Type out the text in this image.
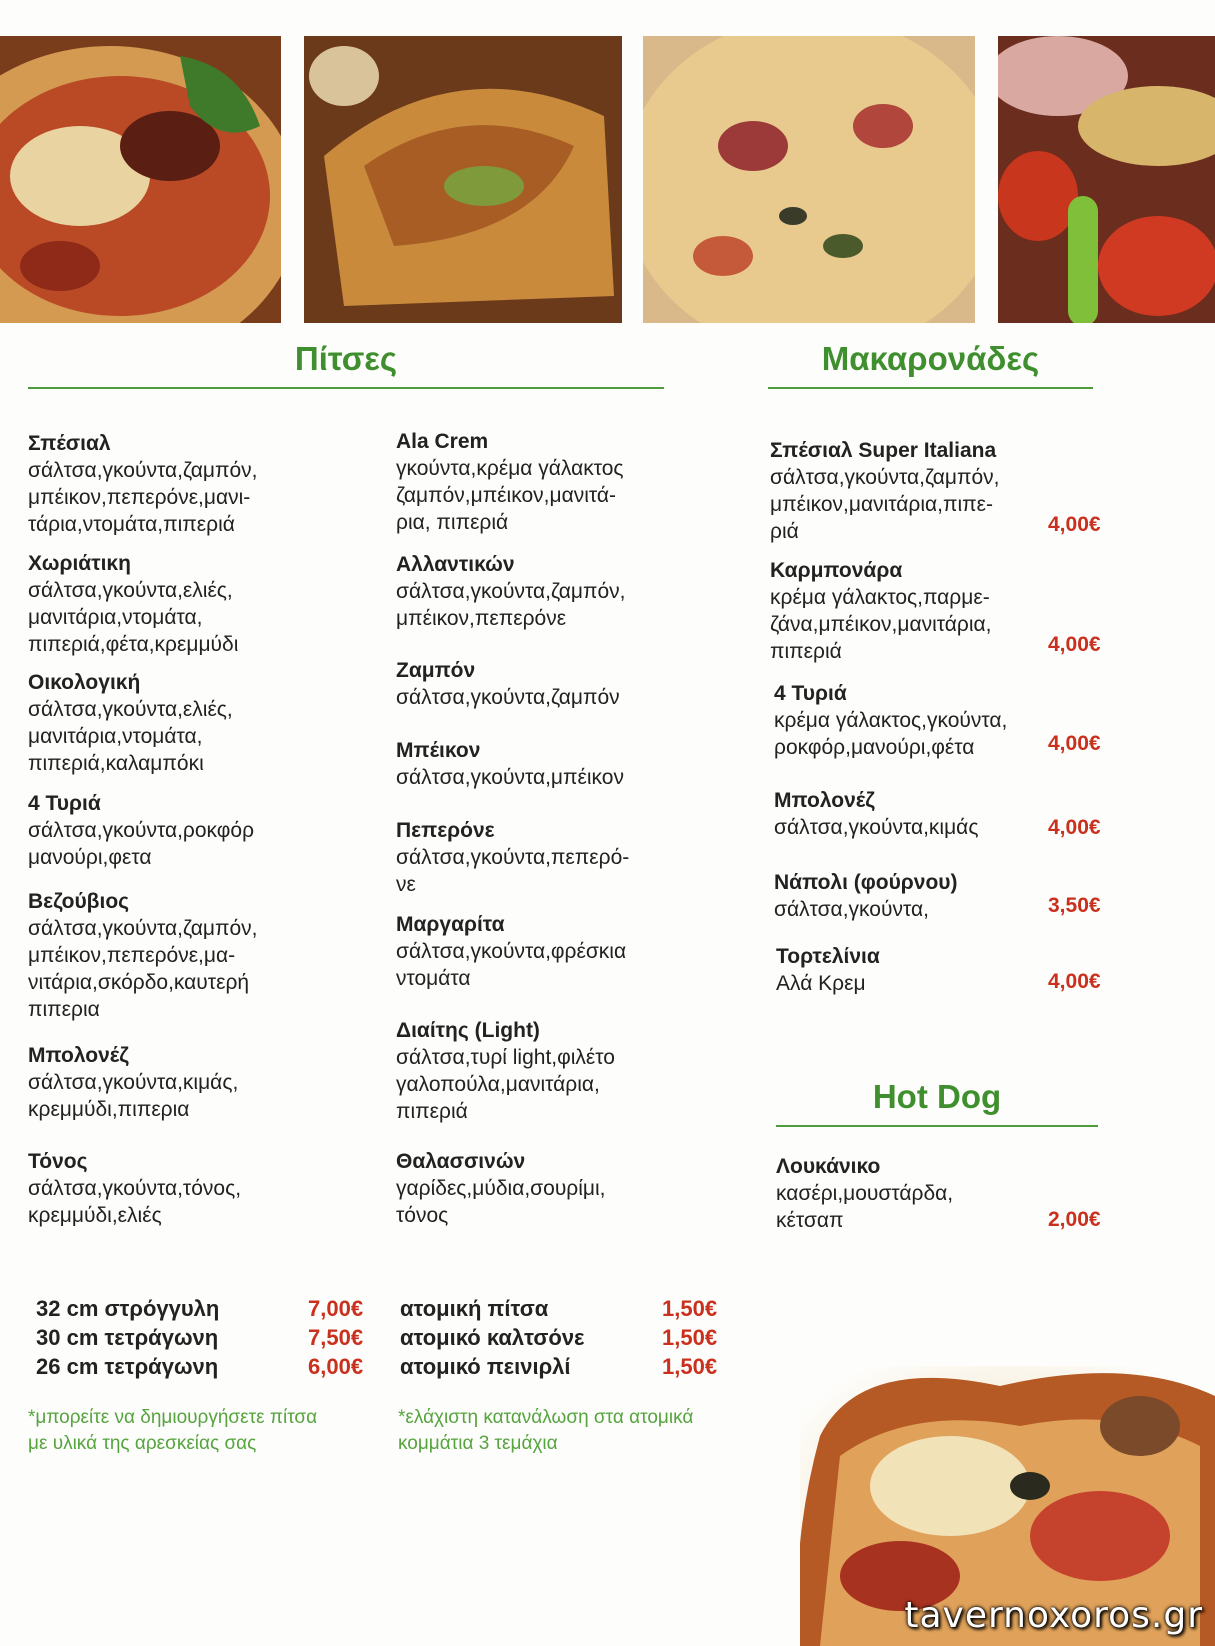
Πίτσες
Σπέσιαλ
σάλτσα,γκούντα,ζαμπόν,
μπέικον,πεπερόνε,μανι-
τάρια,ντομάτα,πιπεριά
Χωριάτικη
σάλτσα,γκούντα,ελιές,
μανιτάρια,ντομάτα,
πιπεριά,φέτα,κρεμμύδι
Οικολογική
σάλτσα,γκούντα,ελιές,
μανιτάρια,ντομάτα,
πιπεριά,καλαμπόκι
4 Τυριά
σάλτσα,γκούντα,ροκφόρ
μανούρι,φετα
Βεζούβιος
σάλτσα,γκούντα,ζαμπόν,
μπέικον,πεπερόνε,μα-
νιτάρια,σκόρδο,καυτερή
πιπερια
Μπολονέζ
σάλτσα,γκούντα,κιμάς,
κρεμμύδι,πιπερια
Τόνος
σάλτσα,γκούντα,τόνος,
κρεμμύδι,ελιές
Ala Crem
γκούντα,κρέμα γάλακτος
ζαμπόν,μπέικον,μανιτά-
ρια, πιπεριά
Αλλαντικών
σάλτσα,γκούντα,ζαμπόν,
μπέικον,πεπερόνε
Ζαμπόν
σάλτσα,γκούντα,ζαμπόν
Μπέικον
σάλτσα,γκούντα,μπέικον
Πεπερόνε
σάλτσα,γκούντα,πεπερό-
νε
Μαργαρίτα
σάλτσα,γκούντα,φρέσκια
ντομάτα
Διαίτης (Light)
σάλτσα,τυρί light,φιλέτο
γαλοπούλα,μανιτάρια,
πιπεριά
Θαλασσινών
γαρίδες,μύδια,σουρίμι,
τόνος
32 cm στρόγγυλη	7,00€
30 cm τετράγωνη	7,50€
26 cm τετράγωνη	6,00€
ατομική πίτσα	1,50€
ατομικό καλτσόνε	1,50€
ατομικό πεινιρλί	1,50€
*μπορείτε να δημιουργήσετε πίτσα
με υλικά της αρεσκείας σας
*ελάχιστη κατανάλωση στα ατομικά
κομμάτια 3 τεμάχια
Μακαρονάδες
Σπέσιαλ Super Italiana
σάλτσα,γκούντα,ζαμπόν,
μπέικον,μανιτάρια,πιπε-
ριά	4,00€
Καρμπονάρα
κρέμα γάλακτος,παρμε-
ζάνα,μπέικον,μανιτάρια,
πιπεριά	4,00€
4 Τυριά
κρέμα γάλακτος,γκούντα,
ροκφόρ,μανούρι,φέτα	4,00€
Μπολονέζ
σάλτσα,γκούντα,κιμάς	4,00€
Νάπολι (φούρνου)
σάλτσα,γκούντα,	3,50€
Τορτελίνια
Αλά Κρεμ	4,00€
Hot Dog
Λουκάνικο
κασέρι,μουστάρδα,
κέτσαπ	2,00€
tavernoxoros.gr
